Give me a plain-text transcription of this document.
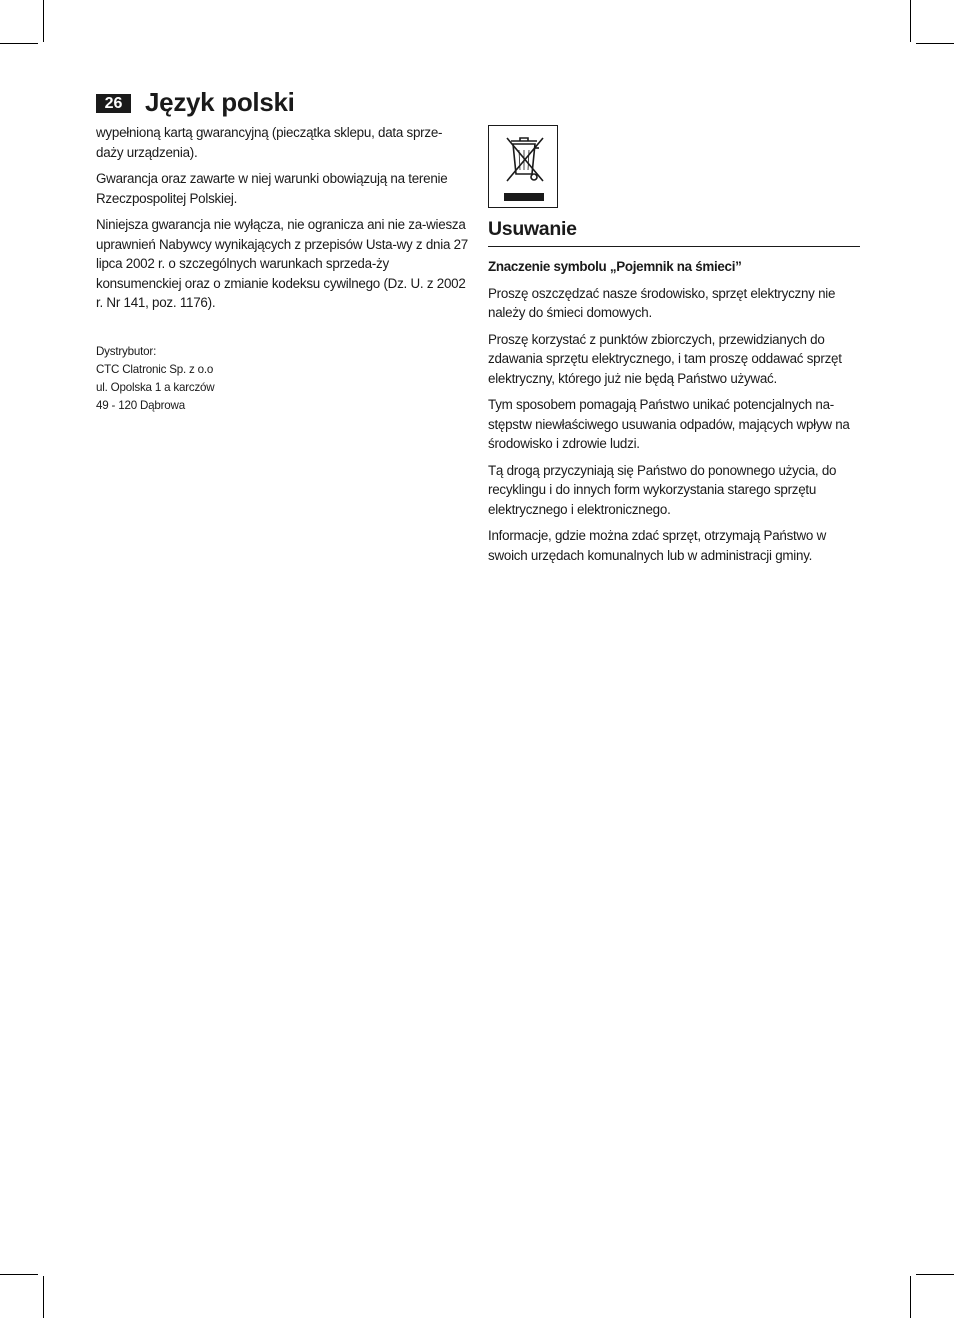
26 Język polski

wypełnioną kartą gwarancyjną (pieczątka sklepu, data sprze-daży urządzenia).

Gwarancja oraz zawarte w niej warunki obowiązują na terenie Rzeczpospolitej Polskiej.

Niniejsza gwarancja nie wyłącza, nie ogranicza ani nie za-wiesza uprawnień Nabywcy wynikających z przepisów Usta-wy z dnia 27 lipca 2002 r. o szczególnych warunkach sprzeda-ży konsumenckiej oraz o zmianie kodeksu cywilnego (Dz. U. z 2002 r. Nr 141, poz. 1176).

Dystrybutor:
CTC Clatronic Sp. z o.o
ul. Opolska 1 a karczów
49 - 120 Dąbrowa
Usuwanie
Znaczenie symbolu „Pojemnik na śmieci”

Proszę oszczędzać nasze środowisko, sprzęt elektryczny nie należy do śmieci domowych.

Proszę korzystać z punktów zbiorczych, przewidzianych do zdawania sprzętu elektrycznego, i tam proszę oddawać sprzęt elektryczny, którego już nie będą Państwo używać.

Tym sposobem pomagają Państwo unikać potencjalnych na-stępstw niewłaściwego usuwania odpadów, mających wpływ na środowisko i zdrowie ludzi.

Tą drogą przyczyniają się Państwo do ponownego użycia, do recyklingu i do innych form wykorzystania starego sprzętu elektrycznego i elektronicznego.

Informacje, gdzie można zdać sprzęt, otrzymają Państwo w swoich urzędach komunalnych lub w administracji gminy.
